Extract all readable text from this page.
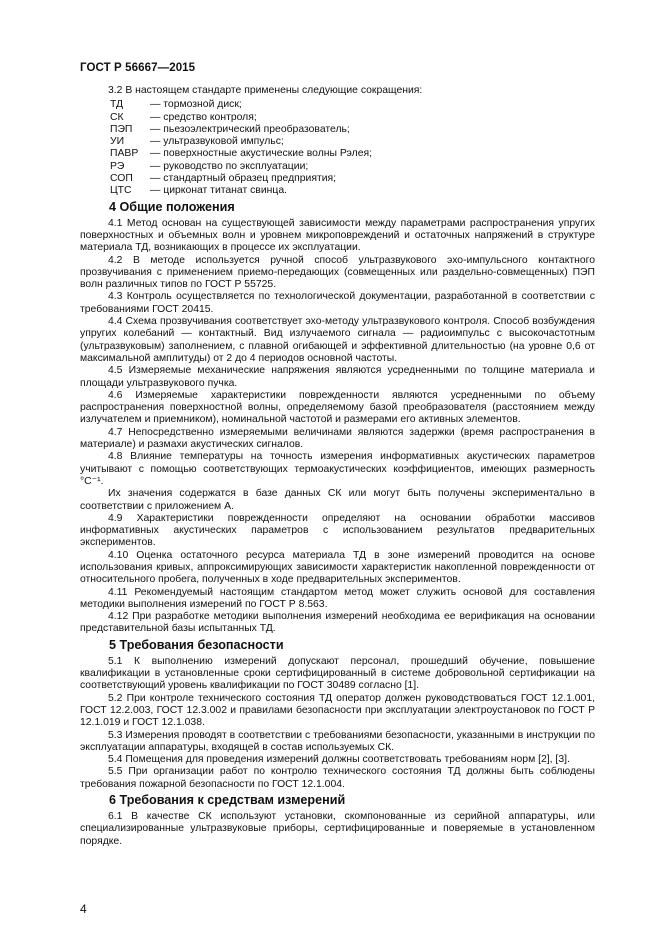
ГОСТ Р 56667—2015

3.2 В настоящем стандарте применены следующие сокращения:

ТД	— тормозной диск;
СК	— средство контроля;
ПЭП	— пьезоэлектрический преобразователь;
УИ	— ультразвуковой импульс;
ПАВР	— поверхностные акустические волны Рэлея;
РЭ	— руководство по эксплуатации;
СОП	— стандартный образец предприятия;
ЦТС	— цирконат титанат свинца.
4 Общие положения

4.1 Метод основан на существующей зависимости между параметрами распространения упругих поверхностных и объемных волн и уровнем микроповреждений и остаточных напряжений в структуре материала ТД, возникающих в процессе их эксплуатации.

4.2 В методе используется ручной способ ультразвукового эхо-импульсного контактного прозвучивания с применением приемо-передающих (совмещенных или раздельно-совмещенных) ПЭП волн различных типов по ГОСТ Р 55725.

4.3 Контроль осуществляется по технологической документации, разработанной в соответствии с требованиями ГОСТ 20415.

4.4 Схема прозвучивания соответствует эхо-методу ультразвукового контроля. Способ возбуждения упругих колебаний — контактный. Вид излучаемого сигнала — радиоимпульс с высокочастотным (ультразвуковым) заполнением, с плавной огибающей и эффективной длительностью (на уровне 0,6 от максимальной амплитуды) от 2 до 4 периодов основной частоты.

4.5 Измеряемые механические напряжения являются усредненными по толщине материала и площади ультразвукового пучка.

4.6 Измеряемые характеристики поврежденности являются усредненными по объему распространения поверхностной волны, определяемому базой преобразователя (расстоянием между излучателем и приемником), номинальной частотой и размерами его активных элементов.

4.7 Непосредственно измеряемыми величинами являются задержки (время распространения в материале) и размахи акустических сигналов.

4.8 Влияние температуры на точность измерения информативных акустических параметров учитывают с помощью соответствующих термоакустических коэффициентов, имеющих размерность °С⁻¹.

Их значения содержатся в базе данных СК или могут быть получены экспериментально в соответствии с приложением А.

4.9 Характеристики поврежденности определяют на основании обработки массивов информативных акустических параметров с использованием результатов предварительных экспериментов.

4.10 Оценка остаточного ресурса материала ТД в зоне измерений проводится на основе использования кривых, аппроксимирующих зависимости характеристик накопленной поврежденности от относительного пробега, полученных в ходе предварительных экспериментов.

4.11 Рекомендуемый настоящим стандартом метод может служить основой для составления методики выполнения измерений по ГОСТ Р 8.563.

4.12 При разработке методики выполнения измерений необходима ее верификация на основании представительной базы испытанных ТД.

5 Требования безопасности

5.1 К выполнению измерений допускают персонал, прошедший обучение, повышение квалификации в установленные сроки сертифицированный в системе добровольной сертификации на соответствующий уровень квалификации по ГОСТ 30489 согласно [1].

5.2 При контроле технического состояния ТД оператор должен руководствоваться ГОСТ 12.1.001, ГОСТ 12.2.003, ГОСТ 12.3.002 и правилами безопасности при эксплуатации электроустановок по ГОСТ Р 12.1.019 и ГОСТ 12.1.038.

5.3 Измерения проводят в соответствии с требованиями безопасности, указанными в инструкции по эксплуатации аппаратуры, входящей в состав используемых СК.

5.4 Помещения для проведения измерений должны соответствовать требованиям норм [2], [3].

5.5 При организации работ по контролю технического состояния ТД должны быть соблюдены требования пожарной безопасности по ГОСТ 12.1.004.

6 Требования к средствам измерений

6.1 В качестве СК используют установки, скомпонованные из серийной аппаратуры, или специализированные ультразвуковые приборы, сертифицированные и поверяемые в установленном порядке.

4
